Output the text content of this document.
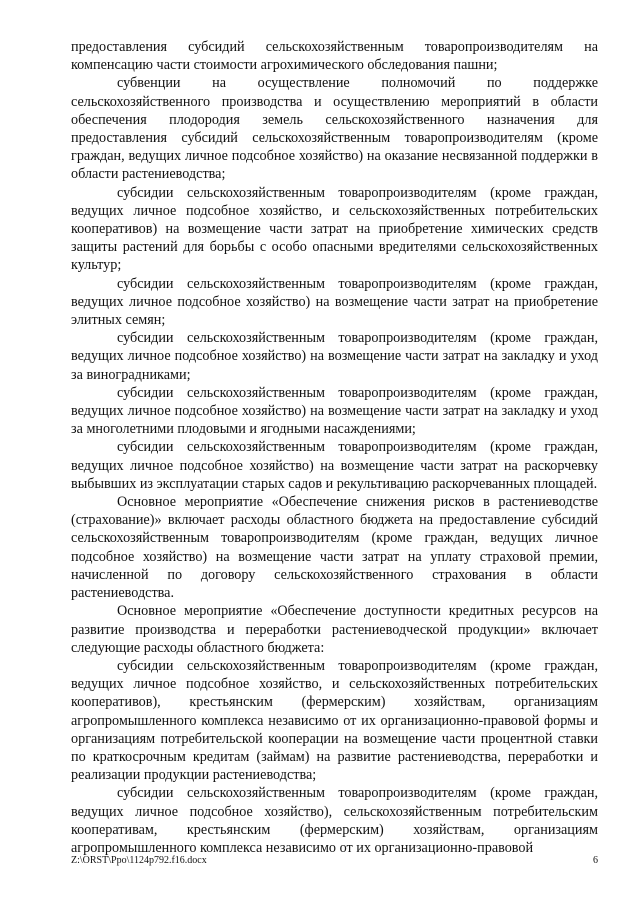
предоставления субсидий сельскохозяйственным товаропроизводителям на компенсацию части стоимости агрохимического обследования пашни;

субвенции на осуществление полномочий по поддержке сельскохозяйственного производства и осуществлению мероприятий в области обеспечения плодородия земель сельскохозяйственного назначения для предоставления субсидий сельскохозяйственным товаропроизводителям (кроме граждан, ведущих личное подсобное хозяйство) на оказание несвязанной поддержки в области растениеводства;

субсидии сельскохозяйственным товаропроизводителям (кроме граждан, ведущих личное подсобное хозяйство, и сельскохозяйственных потребительских кооперативов) на возмещение части затрат на приобретение химических средств защиты растений для борьбы с особо опасными вредителями сельскохозяйственных культур;

субсидии сельскохозяйственным товаропроизводителям (кроме граждан, ведущих личное подсобное хозяйство) на возмещение части затрат на приобретение элитных семян;

субсидии сельскохозяйственным товаропроизводителям (кроме граждан, ведущих личное подсобное хозяйство) на возмещение части затрат на закладку и уход за виноградниками;

субсидии сельскохозяйственным товаропроизводителям (кроме граждан, ведущих личное подсобное хозяйство) на возмещение части затрат на закладку и уход за многолетними плодовыми и ягодными насаждениями;

субсидии сельскохозяйственным товаропроизводителям (кроме граждан, ведущих личное подсобное хозяйство) на возмещение части затрат на раскорчевку выбывших из эксплуатации старых садов и рекультивацию раскорчеванных площадей.

Основное мероприятие «Обеспечение снижения рисков в растениеводстве (страхование)» включает расходы областного бюджета на предоставление субсидий сельскохозяйственным товаропроизводителям (кроме граждан, ведущих личное подсобное хозяйство) на возмещение части затрат на уплату страховой премии, начисленной по договору сельскохозяйственного страхования в области растениеводства.

Основное мероприятие «Обеспечение доступности кредитных ресурсов на развитие производства и переработки растениеводческой продукции» включает следующие расходы областного бюджета:

субсидии сельскохозяйственным товаропроизводителям (кроме граждан, ведущих личное подсобное хозяйство, и сельскохозяйственных потребительских кооперативов), крестьянским (фермерским) хозяйствам, организациям агропромышленного комплекса независимо от их организационно-правовой формы и организациям потребительской кооперации на возмещение части процентной ставки по краткосрочным кредитам (займам) на развитие растениеводства, переработки и реализации продукции растениеводства;

субсидии сельскохозяйственным товаропроизводителям (кроме граждан, ведущих личное подсобное хозяйство), сельскохозяйственным потребительским кооперативам, крестьянским (фермерским) хозяйствам, организациям агропромышленного комплекса независимо от их организационно-правовой

Z:\ORST\Ppo\1124p792.f16.docx	6
